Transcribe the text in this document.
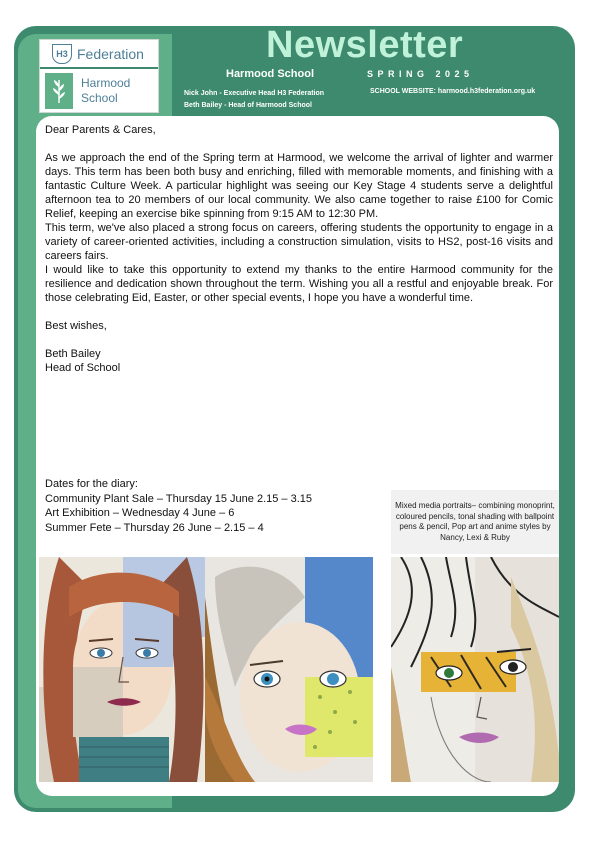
H3 Federation
Harmood
School
Newsletter
Harmood School	SPRING 2025
Nick John - Executive Head H3 Federation
Beth Bailey - Head of Harmood School
SCHOOL WEBSITE: harmood.h3federation.org.uk

Dear Parents & Cares,

As we approach the end of the Spring term at Harmood, we welcome the arrival of lighter and warmer days. This term has been both busy and enriching, filled with memorable moments, and finishing with a fantastic Culture Week. A particular highlight was seeing our Key Stage 4 students serve a delightful afternoon tea to 20 members of our local community. We also came together to raise £100 for Comic Relief, keeping an exercise bike spinning from 9:15 AM to 12:30 PM.

This term, we've also placed a strong focus on careers, offering students the opportunity to engage in a variety of career-oriented activities, including a construction simulation, visits to HS2, post-16 visits and careers fairs.

I would like to take this opportunity to extend my thanks to the entire Harmood community for the resilience and dedication shown throughout the term. Wishing you all a restful and enjoyable break. For those celebrating Eid, Easter, or other special events, I hope you have a wonderful time.

Best wishes,

Beth Bailey

Head of School

Dates for the diary:

Community Plant Sale – Thursday 15 June 2.15 – 3.15

Art Exhibition – Wednesday 4 June – 6

Summer Fete – Thursday 26 June – 2.15 – 4

Mixed media portraits– combining monoprint, coloured pencils, tonal shading with ballpoint pens & pencil, Pop art and anime styles by Nancy, Lexi & Ruby
